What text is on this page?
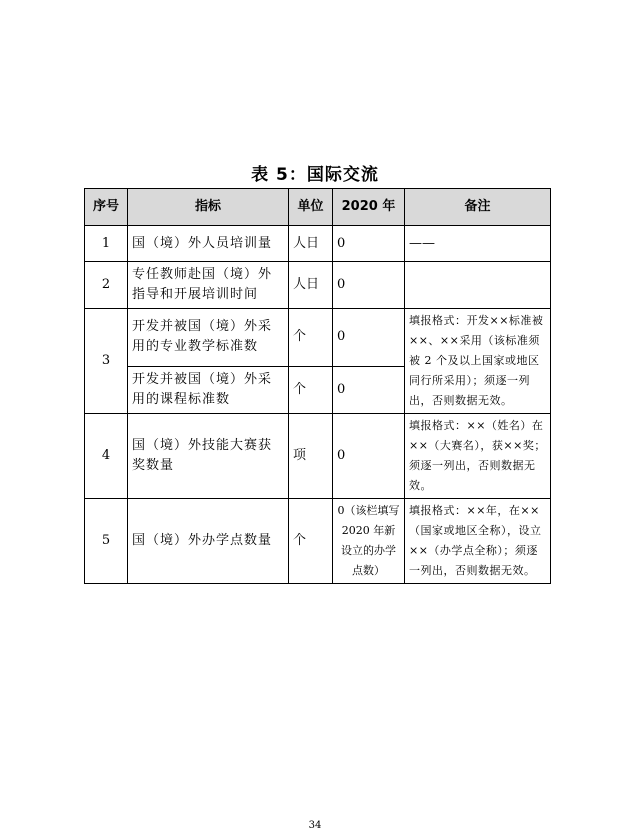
表 5：国际交流
序号	指标	单位	2020 年	备注
1	国（境）外人员培训量	人日	0	——
2	专任教师赴国（境）外指导和开展培训时间	人日	0	
3	开发并被国（境）外采用的专业教学标准数	个	0	填报格式：开发××标准被××、××采用（该标准须被 2 个及以上国家或地区同行所采用）；须逐一列出，否则数据无效。
	开发并被国（境）外采用的课程标准数	个	0	
4	国（境）外技能大赛获奖数量	项	0	填报格式：××（姓名）在××（大赛名），获××奖；须逐一列出，否则数据无效。
5	国（境）外办学点数量	个	0（该栏填写 2020 年新设立的办学点数）	填报格式：××年，在××（国家或地区全称），设立××（办学点全称）；须逐一列出，否则数据无效。
34
